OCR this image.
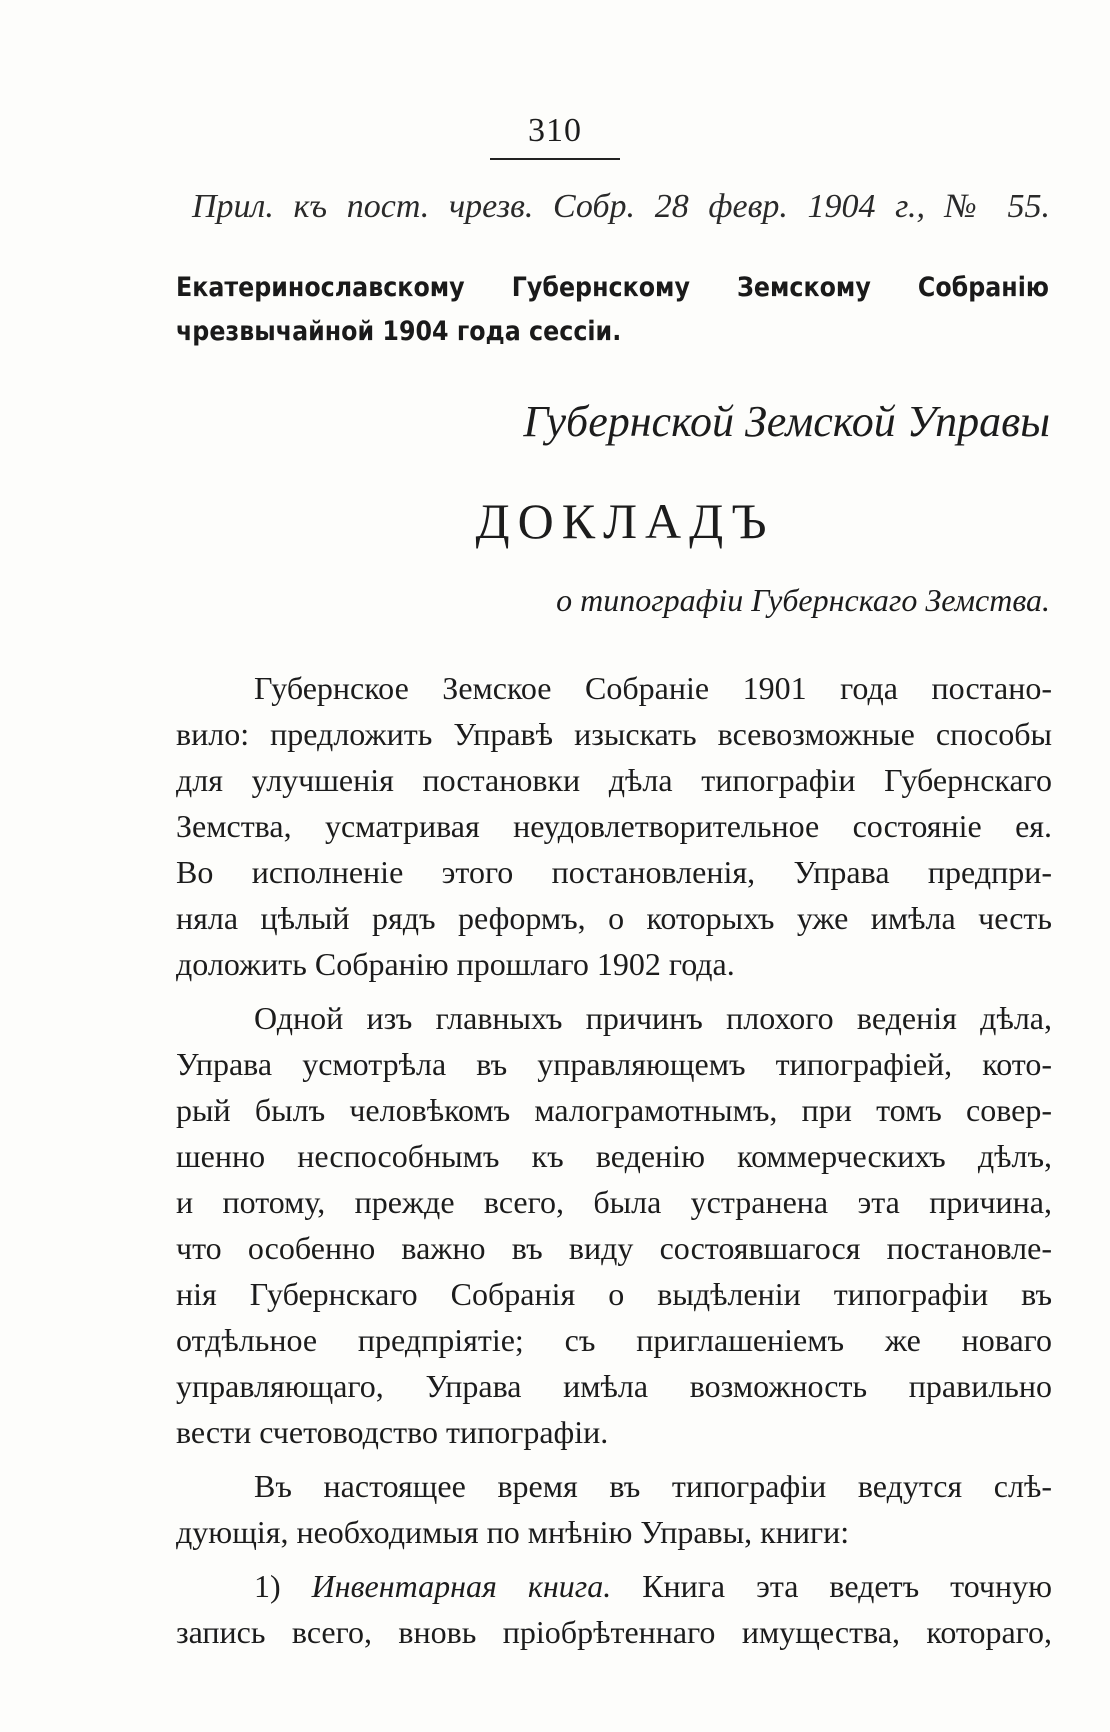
310
Прил. къ пост. чрезв. Собр. 28 февр. 1904 г., № 55.
Екатеринославскому Губернскому Земскому Собранію
чрезвычайной 1904 года сессіи.
Губернской Земской Управы
ДОКЛАДЪ
о типографіи Губернскаго Земства.
Губернское Земское Собраніе 1901 года постано-
вило: предложить Управѣ изыскать всевозможные способы
для улучшенія постановки дѣла типографіи Губернскаго
Земства, усматривая неудовлетворительное состояніе ея.
Во исполненіе этого постановленія, Управа предпри-
няла цѣлый рядъ реформъ, о которыхъ уже имѣла честь
доложить Собранію прошлаго 1902 года.
Одной изъ главныхъ причинъ плохого веденія дѣла,
Управа усмотрѣла въ управляющемъ типографіей, кото-
рый былъ человѣкомъ малограмотнымъ, при томъ совер-
шенно неспособнымъ къ веденію коммерческихъ дѣлъ,
и потому, прежде всего, была устранена эта причина,
что особенно важно въ виду состоявшагося постановле-
нія Губернскаго Собранія о выдѣленіи типографіи въ
отдѣльное предпріятіе; съ приглашеніемъ же новаго
управляющаго, Управа имѣла возможность правильно
вести счетоводство типографіи.
Въ настоящее время въ типографіи ведутся слѣ-
дующія, необходимыя по мнѣнію Управы, книги:
1) Инвентарная книга. Книга эта ведетъ точную
запись всего, вновь пріобрѣтеннаго имущества, котораго,
